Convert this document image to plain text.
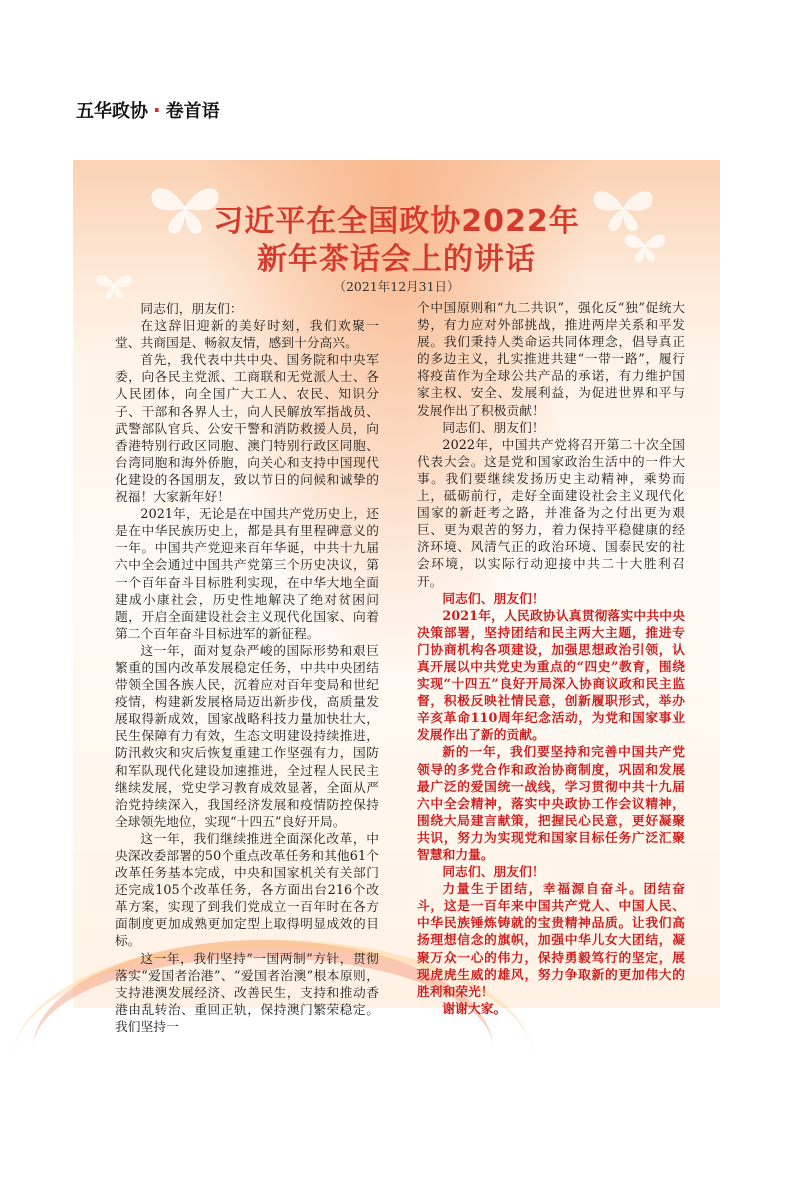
五华政协 · 卷首语
习近平在全国政协2022年
新年茶话会上的讲话
（2021年12月31日）

同志们，朋友们：

在这辞旧迎新的美好时刻，我们欢聚一堂、共商国是、畅叙友情，感到十分高兴。

首先，我代表中共中央、国务院和中央军委，向各民主党派、工商联和无党派人士、各人民团体，向全国广大工人、农民、知识分子、干部和各界人士，向人民解放军指战员、武警部队官兵、公安干警和消防救援人员，向香港特别行政区同胞、澳门特别行政区同胞、台湾同胞和海外侨胞，向关心和支持中国现代化建设的各国朋友，致以节日的问候和诚挚的祝福！大家新年好！

2021年，无论是在中国共产党历史上，还是在中华民族历史上，都是具有里程碑意义的一年。中国共产党迎来百年华诞，中共十九届六中全会通过中国共产党第三个历史决议，第一个百年奋斗目标胜利实现，在中华大地全面建成小康社会，历史性地解决了绝对贫困问题，开启全面建设社会主义现代化国家、向着第二个百年奋斗目标进军的新征程。

这一年，面对复杂严峻的国际形势和艰巨繁重的国内改革发展稳定任务，中共中央团结带领全国各族人民，沉着应对百年变局和世纪疫情，构建新发展格局迈出新步伐，高质量发展取得新成效，国家战略科技力量加快壮大，民生保障有力有效，生态文明建设持续推进，防汛救灾和灾后恢复重建工作坚强有力，国防和军队现代化建设加速推进，全过程人民民主继续发展，党史学习教育成效显著，全面从严治党持续深入，我国经济发展和疫情防控保持全球领先地位，实现“十四五”良好开局。

这一年，我们继续推进全面深化改革，中央深改委部署的50个重点改革任务和其他61个改革任务基本完成，中央和国家机关有关部门还完成105个改革任务，各方面出台216个改革方案，实现了到我们党成立一百年时在各方面制度更加成熟更加定型上取得明显成效的目标。

这一年，我们坚持“一国两制”方针，贯彻落实“爱国者治港”、“爱国者治澳”根本原则，支持港澳发展经济、改善民生，支持和推动香港由乱转治、重回正轨，保持澳门繁荣稳定。我们坚持一

个中国原则和“九二共识”，强化反“独”促统大势，有力应对外部挑战，推进两岸关系和平发展。我们秉持人类命运共同体理念，倡导真正的多边主义，扎实推进共建“一带一路”，履行将疫苗作为全球公共产品的承诺，有力维护国家主权、安全、发展利益，为促进世界和平与发展作出了积极贡献！

同志们、朋友们！

2022年，中国共产党将召开第二十次全国代表大会。这是党和国家政治生活中的一件大事。我们要继续发扬历史主动精神，乘势而上，砥砺前行，走好全面建设社会主义现代化国家的新赶考之路，并准备为之付出更为艰巨、更为艰苦的努力，着力保持平稳健康的经济环境、风清气正的政治环境、国泰民安的社会环境，以实际行动迎接中共二十大胜利召开。

同志们、朋友们！

2021年，人民政协认真贯彻落实中共中央决策部署，坚持团结和民主两大主题，推进专门协商机构各项建设，加强思想政治引领，认真开展以中共党史为重点的“四史”教育，围绕实现“十四五”良好开局深入协商议政和民主监督，积极反映社情民意，创新履职形式，举办辛亥革命110周年纪念活动，为党和国家事业发展作出了新的贡献。

新的一年，我们要坚持和完善中国共产党领导的多党合作和政治协商制度，巩固和发展最广泛的爱国统一战线，学习贯彻中共十九届六中全会精神，落实中央政协工作会议精神，围绕大局建言献策，把握民心民意，更好凝聚共识，努力为实现党和国家目标任务广泛汇聚智慧和力量。

同志们、朋友们！

力量生于团结，幸福源自奋斗。团结奋斗，这是一百年来中国共产党人、中国人民、中华民族锤炼铸就的宝贵精神品质。让我们高扬理想信念的旗帜，加强中华儿女大团结，凝聚万众一心的伟力，保持勇毅笃行的坚定，展现虎虎生威的雄风，努力争取新的更加伟大的胜利和荣光！

谢谢大家。
